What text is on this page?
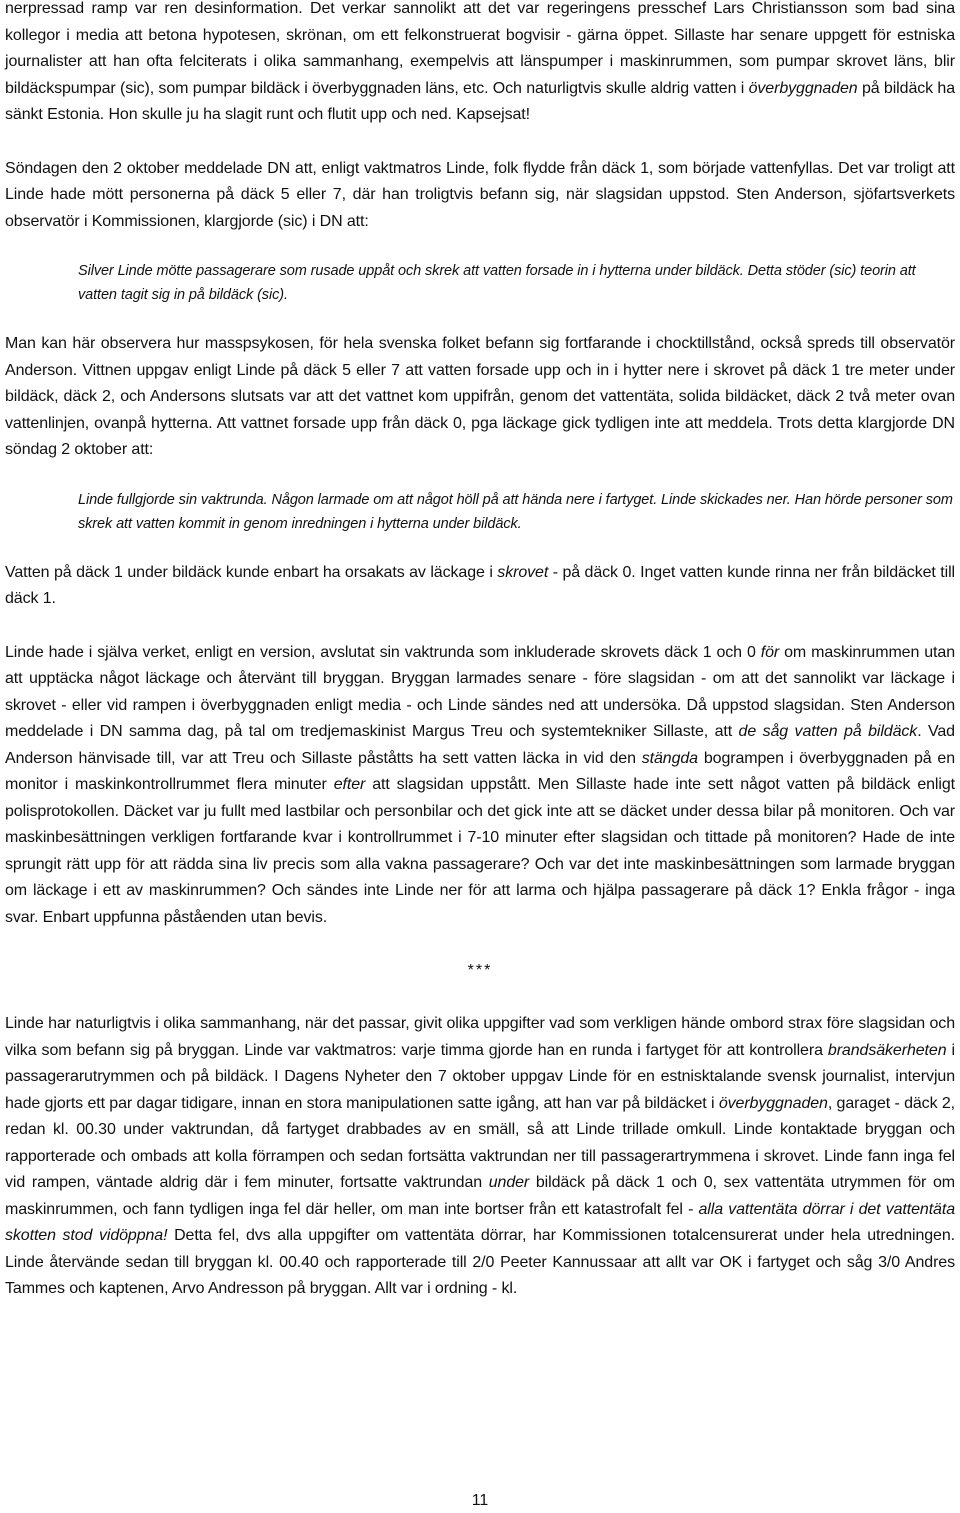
nerpressad ramp var ren desinformation. Det verkar sannolikt att det var regeringens presschef Lars Christiansson som bad sina kollegor i media att betona hypotesen, skrönan, om ett felkonstruerat bogvisir - gärna öppet. Sillaste har senare uppgett för estniska journalister att han ofta felciterats i olika sammanhang, exempelvis att länspumper i maskinrummen, som pumpar skrovet läns, blir bildäckspumpar (sic), som pumpar bildäck i överbyggnaden läns, etc. Och naturligtvis skulle aldrig vatten i överbyggnaden på bildäck ha sänkt Estonia. Hon skulle ju ha slagit runt och flutit upp och ned. Kapsejsat!

Söndagen den 2 oktober meddelade DN att, enligt vaktmatros Linde, folk flydde från däck 1, som började vattenfyllas. Det var troligt att Linde hade mött personerna på däck 5 eller 7, där han troligtvis befann sig, när slagsidan uppstod. Sten Anderson, sjöfartsverkets observatör i Kommissionen, klargjorde (sic) i DN att:

Silver Linde mötte passagerare som rusade uppåt och skrek att vatten forsade in i hytterna under bildäck. Detta stöder (sic) teorin att vatten tagit sig in på bildäck (sic).

Man kan här observera hur masspsykosen, för hela svenska folket befann sig fortfarande i chocktillstånd, också spreds till observatör Anderson. Vittnen uppgav enligt Linde på däck 5 eller 7 att vatten forsade upp och in i hytter nere i skrovet på däck 1 tre meter under bildäck, däck 2, och Andersons slutsats var att det vattnet kom uppifrån, genom det vattentäta, solida bildäcket, däck 2 två meter ovan vattenlinjen, ovanpå hytterna. Att vattnet forsade upp från däck 0, pga läckage gick tydligen inte att meddela. Trots detta klargjorde DN söndag 2 oktober att:

Linde fullgjorde sin vaktrunda. Någon larmade om att något höll på att hända nere i fartyget. Linde skickades ner. Han hörde personer som skrek att vatten kommit in genom inredningen i hytterna under bildäck.

Vatten på däck 1 under bildäck kunde enbart ha orsakats av läckage i skrovet - på däck 0. Inget vatten kunde rinna ner från bildäcket till däck 1.

Linde hade i själva verket, enligt en version, avslutat sin vaktrunda som inkluderade skrovets däck 1 och 0 för om maskinrummen utan att upptäcka något läckage och återvänt till bryggan. Bryggan larmades senare - före slagsidan - om att det sannolikt var läckage i skrovet - eller vid rampen i överbyggnaden enligt media - och Linde sändes ned att undersöka. Då uppstod slagsidan. Sten Anderson meddelade i DN samma dag, på tal om tredjemaskinist Margus Treu och systemtekniker Sillaste, att de såg vatten på bildäck. Vad Anderson hänvisade till, var att Treu och Sillaste påståtts ha sett vatten läcka in vid den stängda bogrampen i överbyggnaden på en monitor i maskinkontrollrummet flera minuter efter att slagsidan uppstått. Men Sillaste hade inte sett något vatten på bildäck enligt polisprotokollen. Däcket var ju fullt med lastbilar och personbilar och det gick inte att se däcket under dessa bilar på monitoren. Och var maskinbesättningen verkligen fortfarande kvar i kontrollrummet i 7-10 minuter efter slagsidan och tittade på monitoren? Hade de inte sprungit rätt upp för att rädda sina liv precis som alla vakna passagerare? Och var det inte maskinbesättningen som larmade bryggan om läckage i ett av maskinrummen? Och sändes inte Linde ner för att larma och hjälpa passagerare på däck 1? Enkla frågor - inga svar. Enbart uppfunna påståenden utan bevis.

***

Linde har naturligtvis i olika sammanhang, när det passar, givit olika uppgifter vad som verkligen hände ombord strax före slagsidan och vilka som befann sig på bryggan. Linde var vaktmatros: varje timma gjorde han en runda i fartyget för att kontrollera brandsäkerheten i passagerarutrymmen och på bildäck. I Dagens Nyheter den 7 oktober uppgav Linde för en estnisktalande svensk journalist, intervjun hade gjorts ett par dagar tidigare, innan en stora manipulationen satte igång, att han var på bildäcket i överbyggnaden, garaget - däck 2, redan kl. 00.30 under vaktrundan, då fartyget drabbades av en smäll, så att Linde trillade omkull. Linde kontaktade bryggan och rapporterade och ombads att kolla förrampen och sedan fortsätta vaktrundan ner till passagerartrymmena i skrovet. Linde fann inga fel vid rampen, väntade aldrig där i fem minuter, fortsatte vaktrundan under bildäck på däck 1 och 0, sex vattentäta utrymmen för om maskinrummen, och fann tydligen inga fel där heller, om man inte bortser från ett katastrofalt fel - alla vattentäta dörrar i det vattentäta skotten stod vidöppna! Detta fel, dvs alla uppgifter om vattentäta dörrar, har Kommissionen totalcensurerat under hela utredningen. Linde återvände sedan till bryggan kl. 00.40 och rapporterade till 2/0 Peeter Kannussaar att allt var OK i fartyget och såg 3/0 Andres Tammes och kaptenen, Arvo Andresson på bryggan. Allt var i ordning - kl.

11
